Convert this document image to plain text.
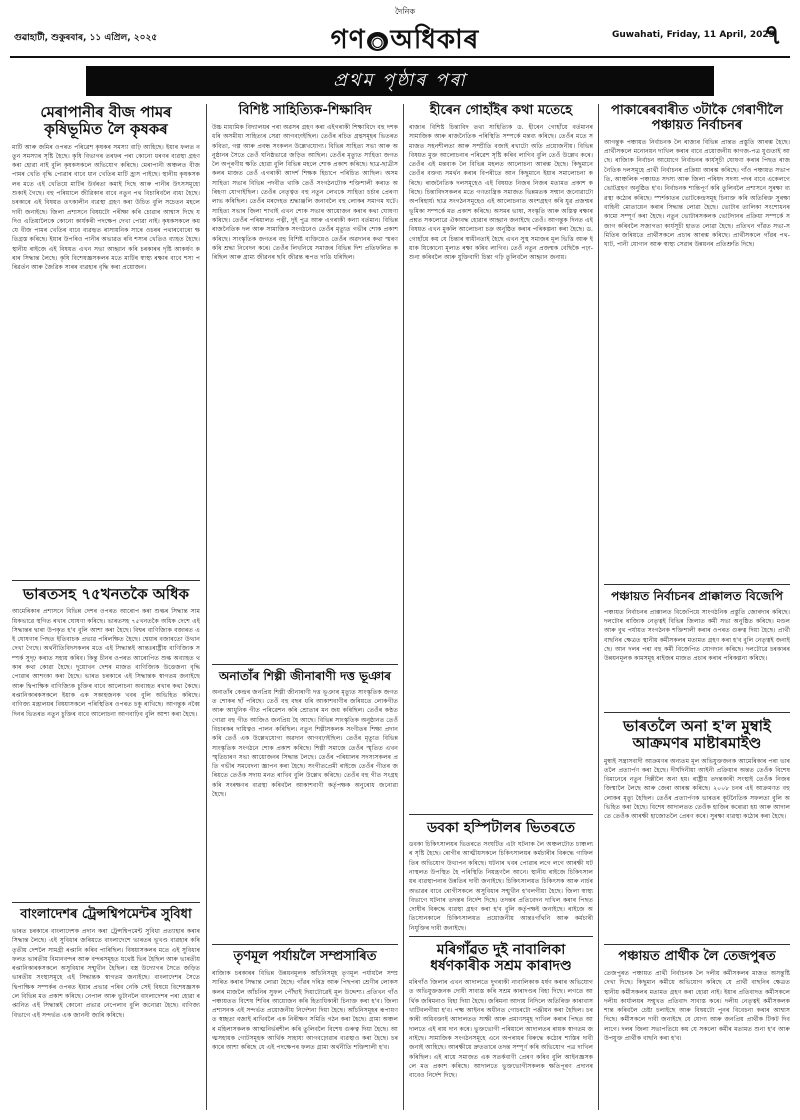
গুৱাহাটী, শুকুৰবাৰ, ১১ এপ্ৰিল, ২০২৫
দৈনিক
গণ ◉ অধিকাৰ	Guwahati, Friday, 11 April, 2025
৭
প্ৰথম পৃষ্ঠাৰ পৰা
মেৰাপানীৰ বীজ পামৰ কৃষিভূমিত লৈ কৃষকৰ
মাটি আৰু জমিৰ ওপৰত পৰিৱেশ কৃষকৰ সমস্যা বাঢ়ি আহিছে। ইয়াৰ ফলত নতুন সমস্যাৰ সৃষ্টি হৈছে। কৃষি বিভাগৰ তৰফৰ পৰা কোনো ধৰণৰ ব্যৱস্থা গ্ৰহণ কৰা হোৱা নাই বুলি কৃষকসকলে অভিযোগ কৰিছে। মেৰাপানী অঞ্চলত বীজ পামৰ খেতি বৃদ্ধি পোৱাৰ বাবে ধান খেতিৰ মাটি হ্ৰাস পাইছে। স্থানীয় কৃষকসকলৰ মতে এই খেতিয়ে মাটিৰ উৰ্বৰতা কমাই দিছে আৰু পানীৰ উৎসসমূহো শুকাই গৈছে। বহু পৰিয়ালে জীৱিকাৰ বাবে নতুন পথ বিচাৰিবলৈ বাধ্য হৈছে। চৰকাৰে এই বিষয়ত তৎকালীন ব্যৱস্থা গ্ৰহণ কৰা উচিত বুলি সচেতন মহলে দাবী জনাইছে। জিলা প্ৰশাসনে বিষয়টো পৰীক্ষা কৰি চোৱাৰ আশ্বাস দিছে যদিও এতিয়ালৈকে কোনো কাৰ্যকৰী পদক্ষেপ দেখা পোৱা নাই। কৃষকসকলে কয় যে বীজ পামৰ খেতিৰ বাবে ব্যৱহৃত ৰাসায়নিক সাৰে ওচৰৰ পথাৰবোৰো ক্ষতিগ্ৰস্ত কৰিছে। ইয়াৰ উপৰিও পানীৰ অভাৱত ৰবি শস্যৰ খেতিও ব্যাহত হৈছে। স্থানীয় ৰাইজে এই বিষয়ত এখন সভা আহ্বান কৰি চৰকাৰৰ দৃষ্টি আকৰ্ষণ কৰাৰ সিদ্ধান্ত লৈছে। কৃষি বিশেষজ্ঞসকলৰ মতে মাটিৰ স্বাস্থ্য ৰক্ষাৰ বাবে শস্য পৰিৱৰ্তন আৰু জৈৱিক সাৰৰ ব্যৱহাৰ বৃদ্ধি কৰা প্ৰয়োজন।
ভাৰতসহ ৭৫খনতকৈ অধিক
আমেৰিকাৰ প্ৰশাসনে বিভিন্ন দেশৰ ওপৰত আৰোপ কৰা শুল্কৰ সিদ্ধান্ত সাময়িকভাৱে স্থগিত ৰখাৰ ঘোষণা কৰিছে। ভাৰতসহ ৭৫খনতকৈ অধিক দেশে এই সিদ্ধান্তৰ দ্বাৰা উপকৃত হ'ব বুলি আশা কৰা হৈছে। বিশ্বৰ বাণিজ্যিক বজাৰত এই ঘোষণাৰ পিছত ইতিবাচক প্ৰভাৱ পৰিলক্ষিত হৈছে। শ্বেয়াৰ বজাৰতো উত্থান দেখা গৈছে। অৰ্থনীতিবিদসকলৰ মতে এই সিদ্ধান্তই আন্তঃৰাষ্ট্ৰীয় বাণিজ্যিক সম্পৰ্ক সুদৃঢ় কৰাত সহায় কৰিব। কিন্তু চীনৰ ওপৰত আৰোপিত শুল্ক অব্যাহত থকাৰ কথা কোৱা হৈছে। দুয়োখন দেশৰ মাজত বাণিজ্যিক উত্তেজনা বৃদ্ধি পোৱাৰ আশংকা কৰা হৈছে। ভাৰত চৰকাৰে এই সিদ্ধান্তক স্বাগতম জনাইছে আৰু দ্বিপাক্ষিক বাণিজ্যিক চুক্তিৰ বাবে আলোচনা অব্যাহত ৰখাৰ কথা কৈছে। ৰপ্তানিকাৰকসকলে ইয়াক এক সকাহজনক খবৰ বুলি অভিহিত কৰিছে। বাণিজ্য মন্ত্ৰালয়ৰ বিষয়াসকলে পৰিস্থিতিৰ ওপৰত চকু ৰাখিছে। আগন্তুক নব্বৈ দিনৰ ভিতৰত নতুন চুক্তিৰ বাবে আলোচনা আগবাঢ়িব বুলি আশা কৰা হৈছে।
বাংলাদেশৰ ট্ৰেন্সশ্বিপমেন্টৰ সুবিধা
ভাৰত চৰকাৰে বাংলাদেশক প্ৰদান কৰা ট্ৰেন্সশ্বিপমেন্ট সুবিধা প্ৰত্যাহাৰ কৰাৰ সিদ্ধান্ত লৈছে। এই সুবিধাৰ জৰিয়তে বাংলাদেশে ভাৰতৰ ভূখণ্ড ব্যৱহাৰ কৰি তৃতীয় দেশলৈ সামগ্ৰী ৰপ্তানি কৰিব পাৰিছিল। বিষয়াসকলৰ মতে এই সুবিধাৰ ফলত ভাৰতীয় বিমানবন্দৰ আৰু বন্দৰসমূহত যথেষ্ট ভিৰ হৈছিল আৰু ভাৰতীয় ৰপ্তানিকাৰকসকলে অসুবিধাৰ সন্মুখীন হৈছিল। বস্ত্ৰ উদ্যোগৰ সৈতে জড়িত ভাৰতীয় সংস্থাসমূহে এই সিদ্ধান্তক স্বাগতম জনাইছে। বাংলাদেশৰ সৈতে দ্বিপাক্ষিক সম্পৰ্কৰ ওপৰত ইয়াৰ প্ৰভাৱ পৰিব নেকি সেই বিষয়ে বিশেষজ্ঞসকলে বিভিন্ন মত প্ৰকাশ কৰিছে। নেপাল আৰু ভুটানলৈ বাংলাদেশৰ পৰা হোৱা ৰপ্তানিত এই সিদ্ধান্তই কোনো প্ৰভাৱ নেপেলাব বুলি জনোৱা হৈছে। বাণিজ্য বিভাগে এই সন্দৰ্ভত এক জাননী জাৰি কৰিছে।
বিশিষ্ট সাহিত্যিক-শিক্ষাবিদ
উচ্চ মাধ্যমিক বিদ্যালয়ৰ পৰা অৱসৰ গ্ৰহণ কৰা এইগৰাকী শিক্ষাবিদে বহু দশক ধৰি অসমীয়া সাহিত্যৰ সেৱা আগবঢ়াইছিল। তেওঁৰ ৰচিত গ্ৰন্থসমূহৰ ভিতৰত কবিতা, গল্প আৰু প্ৰবন্ধ সংকলন উল্লেখযোগ্য। বিভিন্ন সাহিত্য সভা আৰু অনুষ্ঠানৰ সৈতে তেওঁ ঘনিষ্ঠভাৱে জড়িত আছিল। তেওঁৰ মৃত্যুত সাহিত্য জগতলৈ অপূৰণীয় ক্ষতি হোৱা বুলি বিভিন্ন মহলে শোক প্ৰকাশ কৰিছে। ছাত্ৰ-ছাত্ৰীসকলৰ মাজত তেওঁ এগৰাকী আদৰ্শ শিক্ষক হিচাপে পৰিচিত আছিল। অসম সাহিত্য সভাৰ বিভিন্ন পদবীত থাকি তেওঁ সংগঠনটোক শক্তিশালী কৰাত অৰিহণা যোগাইছিল। তেওঁৰ নেতৃত্বত বহু নতুন লেখকে সাহিত্য চৰ্চাৰ প্ৰেৰণা লাভ কৰিছিল। তেওঁৰ মৰদেহত শ্ৰদ্ধাঞ্জলি জনাবলৈ বহু লোকৰ সমাগম ঘটে। সাহিত্য সভাৰ জিলা শাখাই এখন শোক সভাৰ আয়োজন কৰাৰ কথা ঘোষণা কৰিছে। তেওঁৰ পৰিয়ালত পত্নী, দুই পুত্ৰ আৰু এগৰাকী কন্যা বৰ্তমান। বিভিন্ন ৰাজনৈতিক দল আৰু সামাজিক সংগঠনেও তেওঁৰ মৃত্যুত গভীৰ শোক প্ৰকাশ কৰিছে। সাংস্কৃতিক জগতৰ বহু বিশিষ্ট ব্যক্তিয়েও তেওঁৰ অৱদানৰ কথা স্মৰণ কৰি শ্ৰদ্ধা নিবেদন কৰে। তেওঁৰ লিখনিয়ে সমাজৰ বিভিন্ন দিশ প্ৰতিফলিত কৰিছিল আৰু গ্ৰাম্য জীৱনৰ ছবি জীৱন্ত ৰূপত দাঙি ধৰিছিল।
অনাতাঁৰ শিল্পী জীনাৰাণী দত্ত ভূঞাৰ
অনাতাঁৰ কেন্দ্ৰৰ জনপ্ৰিয় শিল্পী জীনাৰাণী দত্ত ভূঞাৰ মৃত্যুত সাংস্কৃতিক জগতত শোকৰ ছাঁ পৰিছে। তেওঁ বহু বছৰ ধৰি আকাশবাণীৰ জৰিয়তে লোকগীত আৰু আধুনিক গীত পৰিৱেশন কৰি শ্ৰোতাৰ মন জয় কৰিছিল। তেওঁৰ কণ্ঠত গোৱা বহু গীত আজিও জনপ্ৰিয় হৈ আছে। বিভিন্ন সাংস্কৃতিক অনুষ্ঠানত তেওঁ বিচাৰকৰ দায়িত্বও পালন কৰিছিল। নতুন শিল্পীসকলক সংগীতৰ শিক্ষা প্ৰদান কৰি তেওঁ এক উল্লেখযোগ্য অৱদান আগবঢ়াইছিল। তেওঁৰ মৃত্যুত বিভিন্ন সাংস্কৃতিক সংগঠনে শোক প্ৰকাশ কৰিছে। শিল্পী সমাজে তেওঁৰ স্মৃতিত এখন স্মৃতিচাৰণ সভা আয়োজনৰ সিদ্ধান্ত লৈছে। তেওঁৰ পৰিয়ালৰ সদস্যসকলৰ প্ৰতি গভীৰ সমবেদনা জ্ঞাপন কৰা হৈছে। সংগীতপ্ৰেমী ৰাইজে তেওঁৰ গীতৰ জৰিয়তে তেওঁক সদায় মনত ৰাখিব বুলি উল্লেখ কৰিছে। তেওঁৰ বহু গীত সংগ্ৰহ কৰি সংৰক্ষণৰ ব্যৱস্থা কৰিবলৈ আকাশবাণী কৰ্তৃপক্ষক অনুৰোধ জনোৱা হৈছে।
তৃণমূল পৰ্যায়লৈ সম্প্ৰসাৰিত
ৰাজ্যিক চৰকাৰৰ বিভিন্ন উন্নয়নমূলক আঁচনিসমূহ তৃণমূল পৰ্যায়লৈ সম্প্ৰসাৰিত কৰাৰ সিদ্ধান্ত লোৱা হৈছে। গাঁৱৰ দৰিদ্ৰ আৰু পিছপৰা শ্ৰেণীৰ লোকসকলৰ মাজলৈ আঁচনিৰ সুফল পৌঁছাই দিয়াটোৱেই মূল উদ্দেশ্য। প্ৰতিখন গাঁও পঞ্চায়তত বিশেষ শিবিৰ আয়োজন কৰি হিতাধিকাৰী চিনাক্ত কৰা হ'ব। জিলা প্ৰশাসনক এই সন্দৰ্ভত প্ৰয়োজনীয় নিৰ্দেশনা দিয়া হৈছে। আঁচনিসমূহৰ ৰূপায়ণত স্বচ্ছতা বজাই ৰাখিবলৈ এক নিৰীক্ষণ সমিতি গঠন কৰা হৈছে। গ্ৰাম্য অঞ্চলৰ মহিলাসকলক আত্মনিৰ্ভৰশীল কৰি তুলিবলৈ বিশেষ গুৰুত্ব দিয়া হৈছে। আত্মসহায়ক গোটসমূহক আৰ্থিক সাহায্য আগবঢ়োৱাৰ ব্যৱস্থাও কৰা হৈছে। চৰকাৰে আশা কৰিছে যে এই পদক্ষেপৰ ফলত গ্ৰাম্য অৰ্থনীতি শক্তিশালী হ'ব।
হীৰেন গোহাঁইৰ কথা মতেহে
ৰাজ্যৰ বিশিষ্ট চিন্তাবিদ তথা সাহিত্যিক ড. হীৰেন গোহাঁয়ে বৰ্তমানৰ সামাজিক আৰু ৰাজনৈতিক পৰিস্থিতি সম্পৰ্কে মন্তব্য কৰিছে। তেওঁৰ মতে সমাজত সহনশীলতা আৰু সম্প্ৰীতি বজাই ৰখাটো অতি প্ৰয়োজনীয়। বিভিন্ন বিষয়ত মুক্ত আলোচনাৰ পৰিৱেশ সৃষ্টি কৰিব লাগিব বুলি তেওঁ উল্লেখ কৰে। তেওঁৰ এই মন্তব্যক লৈ বিভিন্ন মহলত আলোচনা আৰম্ভ হৈছে। কিছুমানে তেওঁৰ বক্তব্য সমৰ্থন কৰাৰ বিপৰীতে আন কিছুমানে ইয়াৰ সমালোচনা কৰিছে। ৰাজনৈতিক দলসমূহেও এই বিষয়ত নিজৰ নিজৰ মতামত প্ৰকাশ কৰিছে। চিন্তাবিদসকলৰ মতে গণতান্ত্ৰিক সমাজত ভিন্নমতক সন্মান জনোৱাটো অপৰিহাৰ্য। ছাত্ৰ সংগঠনসমূহেও এই আলোচনাত অংশগ্ৰহণ কৰি যুৱ প্ৰজন্মৰ ভূমিকা সম্পৰ্কে মত প্ৰকাশ কৰিছে। অসমৰ ভাষা, সংস্কৃতি আৰু অস্তিত্ব ৰক্ষাৰ প্ৰশ্নত সকলোৱে ঐক্যবদ্ধ হোৱাৰ আহ্বান জনাইছে তেওঁ। আগন্তুক দিনত এই বিষয়ত এখন মুকলি আলোচনা চক্ৰ অনুষ্ঠিত কৰাৰ পৰিকল্পনা কৰা হৈছে। ড. গোহাঁয়ে কয় যে চিন্তাৰ স্বাধীনতাই হৈছে এখন সুস্থ সমাজৰ মূল ভিত্তি আৰু ইয়াক যিকোনো মূল্যত ৰক্ষা কৰিব লাগিব। তেওঁ নতুন প্ৰজন্মক বেছিকৈ পঢ়া-শুনা কৰিবলৈ আৰু যুক্তিবাদী চিন্তা গঢ়ি তুলিবলৈ আহ্বান জনায়।
ডবকা হস্পিটালৰ ভিতৰতে
ডবকা চিকিৎসালয়ৰ ভিতৰতে সংঘটিত এটা ঘটনাক লৈ অঞ্চলটোত চাঞ্চল্যৰ সৃষ্টি হৈছে। ৰোগীৰ আত্মীয়সকলে চিকিৎসালয়ৰ কৰ্মচাৰীৰ বিৰুদ্ধে গাফিলতিৰ অভিযোগ উত্থাপন কৰিছে। ঘটনাৰ খবৰ পোৱাৰ লগে লগে আৰক্ষী ঘটনাস্থলত উপস্থিত হৈ পৰিস্থিতি নিয়ন্ত্ৰণলৈ আনে। স্থানীয় ৰাইজে চিকিৎসালয়ৰ ব্যৱস্থাপনাৰ উন্নতিৰ দাবী জনাইছে। চিকিৎসালয়ত চিকিৎসক আৰু নাৰ্চৰ অভাৱৰ বাবে ৰোগীসকলে অসুবিধাৰ সন্মুখীন হ'বলগীয়া হৈছে। জিলা স্বাস্থ্য বিভাগে ঘটনাৰ তদন্তৰ নিৰ্দেশ দিছে। তদন্তৰ প্ৰতিবেদন দাখিল কৰাৰ পিছত দোষীৰ বিৰুদ্ধে ব্যৱস্থা গ্ৰহণ কৰা হ'ব বুলি কৰ্তৃপক্ষই জনাইছে। ৰাইজে অতিসোনকালে চিকিৎসালয়ত প্ৰয়োজনীয় আন্তঃগাঁথনি আৰু কৰ্মচাৰী নিযুক্তিৰ দাবী জনাইছে।
মৰিগাঁৱত দুই নাবালিকা ধৰ্ষণকাৰীক সশ্ৰম কাৰাদণ্ড
মৰিগাঁও জিলাৰ এখন আদালতে দুগৰাকী নাবালিকাক ধৰ্ষণ কৰাৰ অভিযোগত অভিযুক্তজনক দোষী সাব্যস্ত কৰি সশ্ৰম কাৰাদণ্ডৰ বিহা দিছে। লগতে আৰ্থিক জৰিমনাও বিহা দিয়া হৈছে। জৰিমনা আদায় নিদিলে অতিৰিক্ত কাৰাবাস খাটিবলগীয়া হ'ব। পক্ষ্ম আইনৰ অধীনত গোচৰটো পঞ্জীয়ন কৰা হৈছিল। চৰকাৰী অধিবক্তাই আদালতত সাক্ষী আৰু প্ৰমাণসমূহ দাখিল কৰাৰ পিছত আদালতে এই ৰায় দান কৰে। ভুক্তভোগী পৰিয়ালে আদালতৰ ৰায়ক স্বাগতম জনাইছে। সামাজিক সংগঠনসমূহে এনে অপৰাধৰ বিৰুদ্ধে কঠোৰ শাস্তিৰ দাবী জনাই আহিছে। আৰক্ষীয়ে দ্ৰুততাৰে তদন্ত সম্পূৰ্ণ কৰি অভিযোগ পত্ৰ দাখিল কৰিছিল। এই ৰায়ে সমাজত এক সতৰ্কবাণী প্ৰেৰণ কৰিব বুলি আইনজ্ঞসকলে মত প্ৰকাশ কৰিছে। আদালতে ভুক্তভোগীসকলক ক্ষতিপূৰণ প্ৰদানৰ বাবেও নিৰ্দেশ দিছে।
পাকাৰেৰবাৰীত ৩টাকৈ গেৰাণীলৈ পঞ্চায়ত নিৰ্বাচনৰ
আগন্তুক পঞ্চায়ত নিৰ্বাচনক লৈ ৰাজ্যৰ বিভিন্ন প্ৰান্তত প্ৰস্তুতি আৰম্ভ হৈছে। প্ৰাৰ্থীসকলে মনোনয়ন দাখিল কৰাৰ বাবে প্ৰয়োজনীয় কাগজ-পত্ৰ যুগুতাই আছে। ৰাজ্যিক নিৰ্বাচন আয়োগে নিৰ্বাচনৰ কাৰ্যসূচী ঘোষণা কৰাৰ পিছত ৰাজনৈতিক দলসমূহে প্ৰাৰ্থী নিৰ্বাচনৰ প্ৰক্ৰিয়া আৰম্ভ কৰিছে। গাঁও পঞ্চায়ত সভাপতি, আঞ্চলিক পঞ্চায়ত সদস্য আৰু জিলা পৰিষদ সদস্য পদৰ বাবে একেলগে ভোটগ্ৰহণ অনুষ্ঠিত হ'ব। নিৰ্বাচনক শান্তিপূৰ্ণ কৰি তুলিবলৈ প্ৰশাসনে সুৰক্ষা ব্যৱস্থা কঠোৰ কৰিছে। স্পৰ্শকাতৰ ভোটকেন্দ্ৰসমূহ চিনাক্ত কৰি অতিৰিক্ত সুৰক্ষা বাহিনী মোতায়েন কৰাৰ সিদ্ধান্ত লোৱা হৈছে। ভোটাৰ তালিকা সংশোধনৰ কামো সম্পূৰ্ণ কৰা হৈছে। নতুন ভোটাৰসকলক ভোটদানৰ প্ৰক্ৰিয়া সম্পৰ্কে সজাগ কৰিবলৈ সজাগতা কাৰ্যসূচী হাতত লোৱা হৈছে। প্ৰতিখন গাঁৱত সভা-সমিতিৰ জৰিয়তে প্ৰাৰ্থীসকলে প্ৰচাৰ আৰম্ভ কৰিছে। প্ৰাৰ্থীসকলে গাঁৱৰ পথ-ঘাট, পানী যোগান আৰু স্বাস্থ্য সেৱাৰ উন্নয়নৰ প্ৰতিশ্ৰুতি দিছে।
পঞ্চায়ত নিৰ্বাচনৰ প্ৰাক্কালত বিজেপি
পঞ্চায়ত নিৰ্বাচনৰ প্ৰাক্কালত বিজেপিয়ে সাংগঠনিক প্ৰস্তুতি জোৰদাৰ কৰিছে। দলটোৰ ৰাজ্যিক নেতৃত্বই বিভিন্ন জিলাত কৰ্মী সভা অনুষ্ঠিত কৰিছে। মণ্ডল আৰু বুথ পৰ্যায়ত সংগঠনক শক্তিশালী কৰাৰ ওপৰত গুৰুত্ব দিয়া হৈছে। প্ৰাৰ্থী বাছনিৰ ক্ষেত্ৰত স্থানীয় কৰ্মীসকলৰ মতামত গ্ৰহণ কৰা হ'ব বুলি নেতৃত্বই জনাইছে। আন দলৰ পৰা বহু কৰ্মী বিজেপিত যোগদান কৰিছে। দলটোৱে চৰকাৰৰ উন্নয়নমূলক কামসমূহ ৰাইজৰ মাজত প্ৰচাৰ কৰাৰ পৰিকল্পনা কৰিছে।
ভাৰতলৈ অনা হ'ল মুম্বাই আক্ৰমণৰ মাষ্টাৰমাইণ্ড
মুম্বাই সন্ত্ৰাসবাদী আক্ৰমণৰ অন্যতম মূল অভিযুক্তজনক আমেৰিকাৰ পৰা ভাৰতলৈ প্ৰত্যাৰ্পণ কৰা হৈছে। দীৰ্ঘদিনীয়া আইনী প্ৰক্ৰিয়াৰ অন্তত তেওঁক বিশেষ বিমানেৰে নতুন দিল্লীলৈ অনা হয়। ৰাষ্ট্ৰীয় তদন্তকাৰী সংস্থাই তেওঁক নিজৰ জিম্মালৈ লৈছে আৰু জেৰা আৰম্ভ কৰিছে। ২০০৮ চনৰ এই আক্ৰমণত বহু লোকৰ মৃত্যু হৈছিল। তেওঁৰ প্ৰত্যাৰ্পণক ভাৰতৰ কূটনৈতিক সফলতা বুলি অভিহিত কৰা হৈছে। বিশেষ আদালতত তেওঁক হাজিৰ কৰোৱা হয় আৰু আদালতে তেওঁক আৰক্ষী হাজোতলৈ প্ৰেৰণ কৰে। সুৰক্ষা ব্যৱস্থা কঠোৰ কৰা হৈছে।
পঞ্চায়ত প্ৰাৰ্থীক লৈ তেজপুৰত
তেজপুৰত পঞ্চায়ত প্ৰাৰ্থী নিৰ্বাচনক লৈ দলীয় কৰ্মীসকলৰ মাজত অসন্তুষ্টি দেখা দিছে। কিছুমান কৰ্মীয়ে অভিযোগ কৰিছে যে প্ৰাৰ্থী বাছনিৰ ক্ষেত্ৰত স্থানীয় কৰ্মীসকলৰ মতামত গ্ৰহণ কৰা হোৱা নাই। ইয়াৰ প্ৰতিবাদত কৰ্মীসকলে দলীয় কাৰ্যালয়ৰ সন্মুখত প্ৰতিবাদ সাব্যস্ত কৰে। দলীয় নেতৃত্বই কৰ্মীসকলক শান্ত কৰিবলৈ চেষ্টা চলাইছে আৰু বিষয়টো পুনৰ বিবেচনা কৰাৰ আশ্বাস দিছে। কৰ্মীসকলে দাবী জনাইছে যে যোগ্য আৰু জনপ্ৰিয় প্ৰাৰ্থীক টিকট দিব লাগে। দলৰ জিলা সভাপতিয়ে কয় যে সকলো কৰ্মীৰ মতামত শুনা হ'ব আৰু উপযুক্ত প্ৰাৰ্থীক বাছনি কৰা হ'ব।
